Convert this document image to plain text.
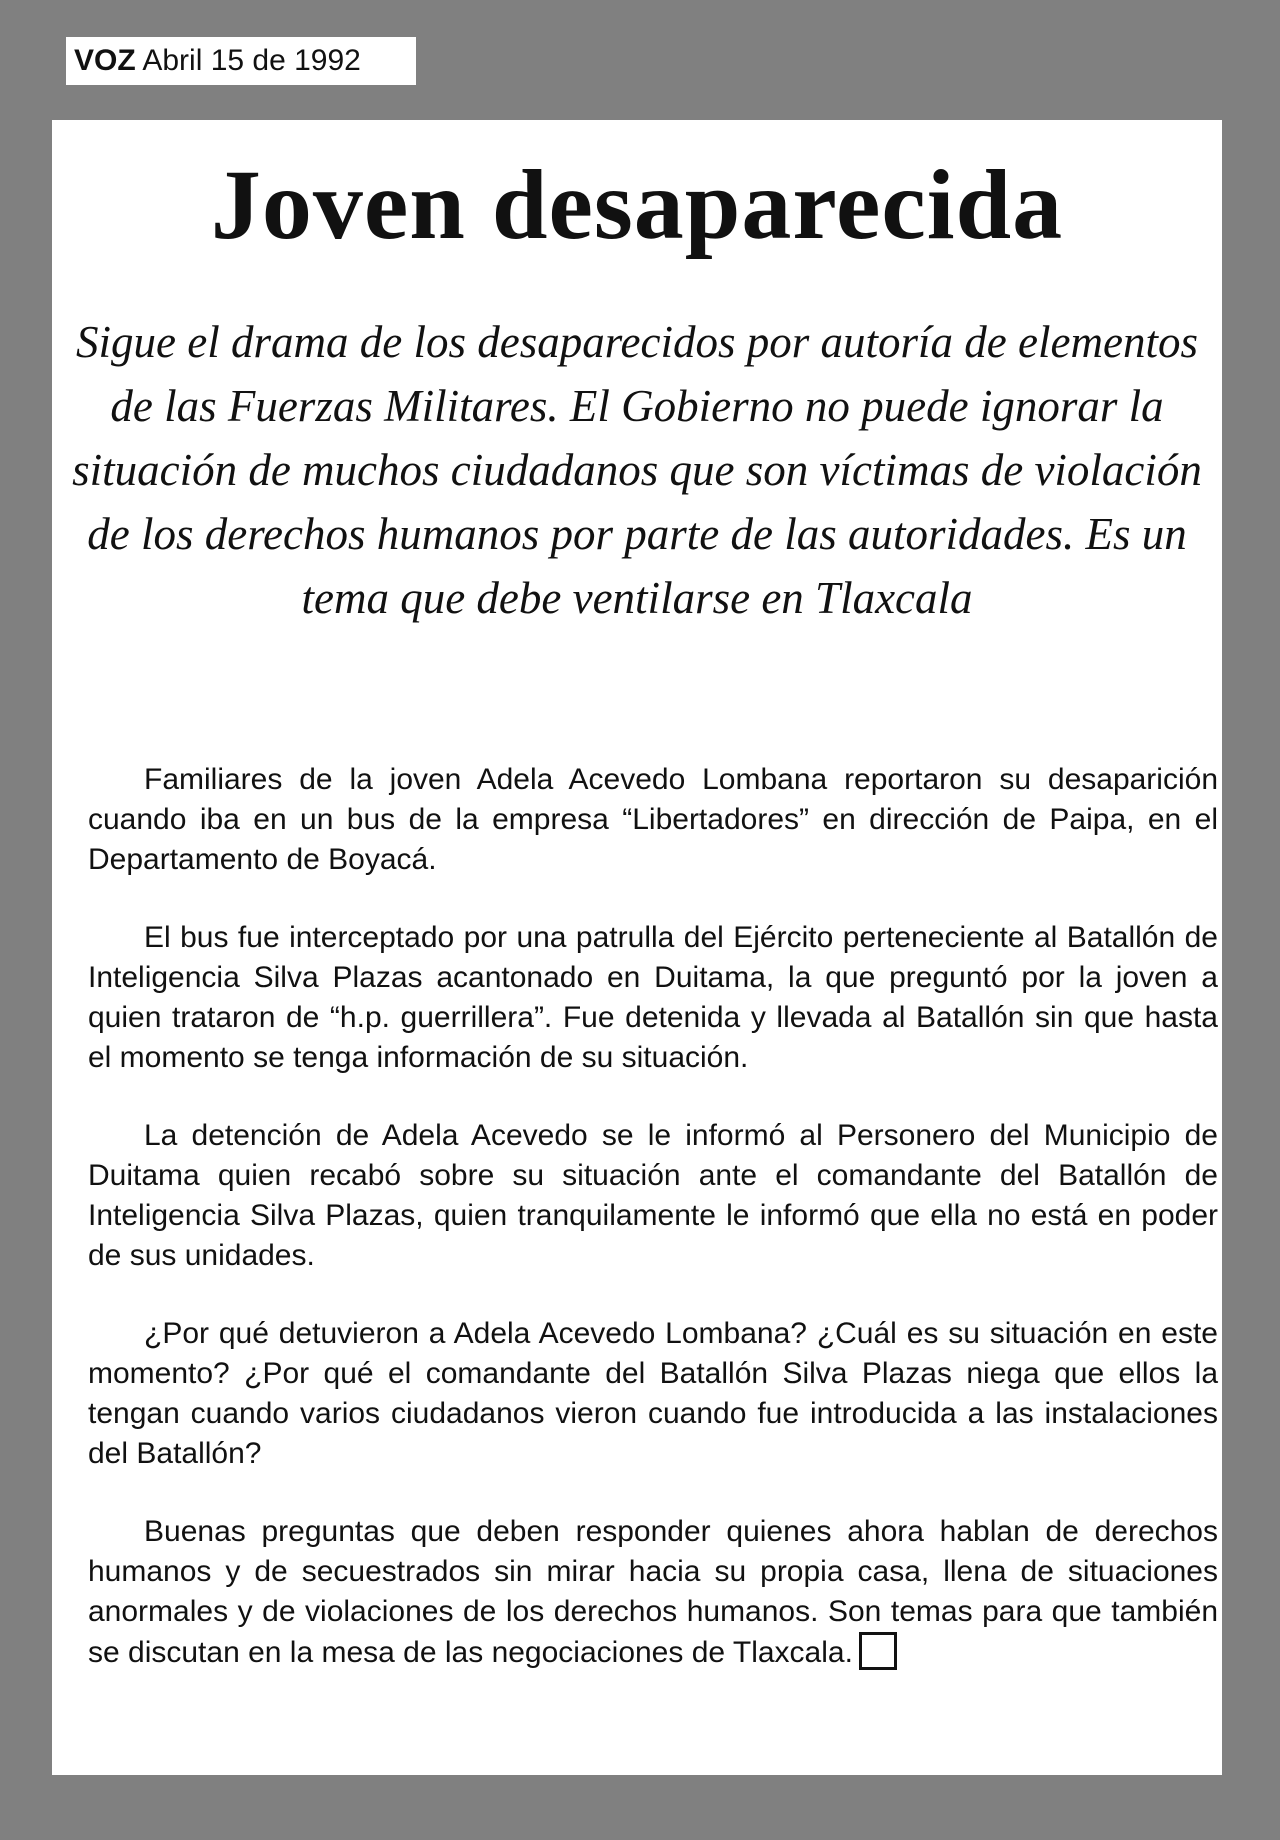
VOZ Abril 15 de 1992
Joven desaparecida

Sigue el drama de los desaparecidos por autoría de elementos de las Fuerzas Militares. El Gobierno no puede ignorar la situación de muchos ciudadanos que son víctimas de violación de los derechos humanos por parte de las autoridades. Es un tema que debe ventilarse en Tlaxcala

Familiares de la joven Adela Acevedo Lombana reportaron su desaparición cuando iba en un bus de la empresa “Libertadores” en dirección de Paipa, en el Departamento de Boyacá.

El bus fue interceptado por una patrulla del Ejército perteneciente al Batallón de Inteligencia Silva Plazas acantonado en Duitama, la que preguntó por la joven a quien trataron de “h.p. guerrillera”. Fue detenida y llevada al Batallón sin que hasta el momento se tenga información de su situación.

La detención de Adela Acevedo se le informó al Personero del Municipio de Duitama quien recabó sobre su situación ante el comandante del Batallón de Inteligencia Silva Plazas, quien tranquilamente le informó que ella no está en poder de sus unidades.

¿Por qué detuvieron a Adela Acevedo Lombana? ¿Cuál es su situación en este momento? ¿Por qué el comandante del Batallón Silva Plazas niega que ellos la tengan cuando varios ciudadanos vieron cuando fue introducida a las instalaciones del Batallón?

Buenas preguntas que deben responder quienes ahora hablan de derechos humanos y de secuestrados sin mirar hacia su propia casa, llena de situaciones anormales y de violaciones de los derechos humanos. Son temas para que también se discutan en la mesa de las negociaciones de Tlaxcala.
